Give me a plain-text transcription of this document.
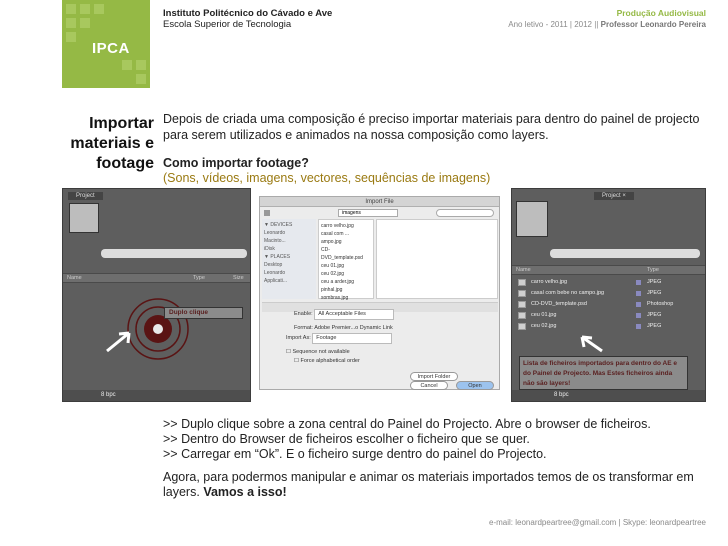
IPCA
Instituto Politécnico do Cávado e Ave
Escola Superior de Tecnologia
Produção Audiovisual
Ano letivo - 2011 | 2012 || Professor Leonardo Pereira
Importar
materiais e
footage
Depois de criada uma composição é preciso importar materiais para dentro do painel de projecto para serem utilizados e animados na nossa composição como layers.
Como importar footage?
(Sons, vídeos, imagens, vectores, sequências de imagens)
Project
Name	Type	Size
8 bpc
Duplo clique
Import File
imagens
▼ DEVICES
Leonardo
Macinto...
iDisk
▼ PLACES
Desktop
Leonardo
Applicati...
carro velho.jpg
casal com ... ampo.jpg
CD-DVD_template.psd
ceu 01.jpg
ceu 02.jpg
ceu a arder.jpg
pinhal.jpg
sombras.jpg
Enable: All Acceptable Files
Format: Adobe Premier...o Dynamic Link
Import As: Footage
☐ Sequence not available
☐ Force alphabetical order
Import Folder
Cancel	Open
Project ×
Name	Type
carro velho.jpg	JPEG
casal com bebe no campo.jpg	JPEG
CD-DVD_template.psd	Photoshop
ceu 01.jpg	JPEG
ceu 02.jpg	JPEG
8 bpc
Lista de ficheiros importados para dentro do AE e do Painel de Projecto. Mas Estes ficheiros ainda não são layers!
>> Duplo clique sobre a zona central do Painel do Projecto. Abre o browser de ficheiros.
>> Dentro do Browser de ficheiros escolher o ficheiro que se quer.
>> Carregar em “Ok”. E o ficheiro surge dentro do painel do Projecto.
Agora, para podermos manipular e animar os materiais importados temos de os transformar em layers. Vamos a isso!
e-mail: leonardpeartree@gmail.com | Skype: leonardpeartree
